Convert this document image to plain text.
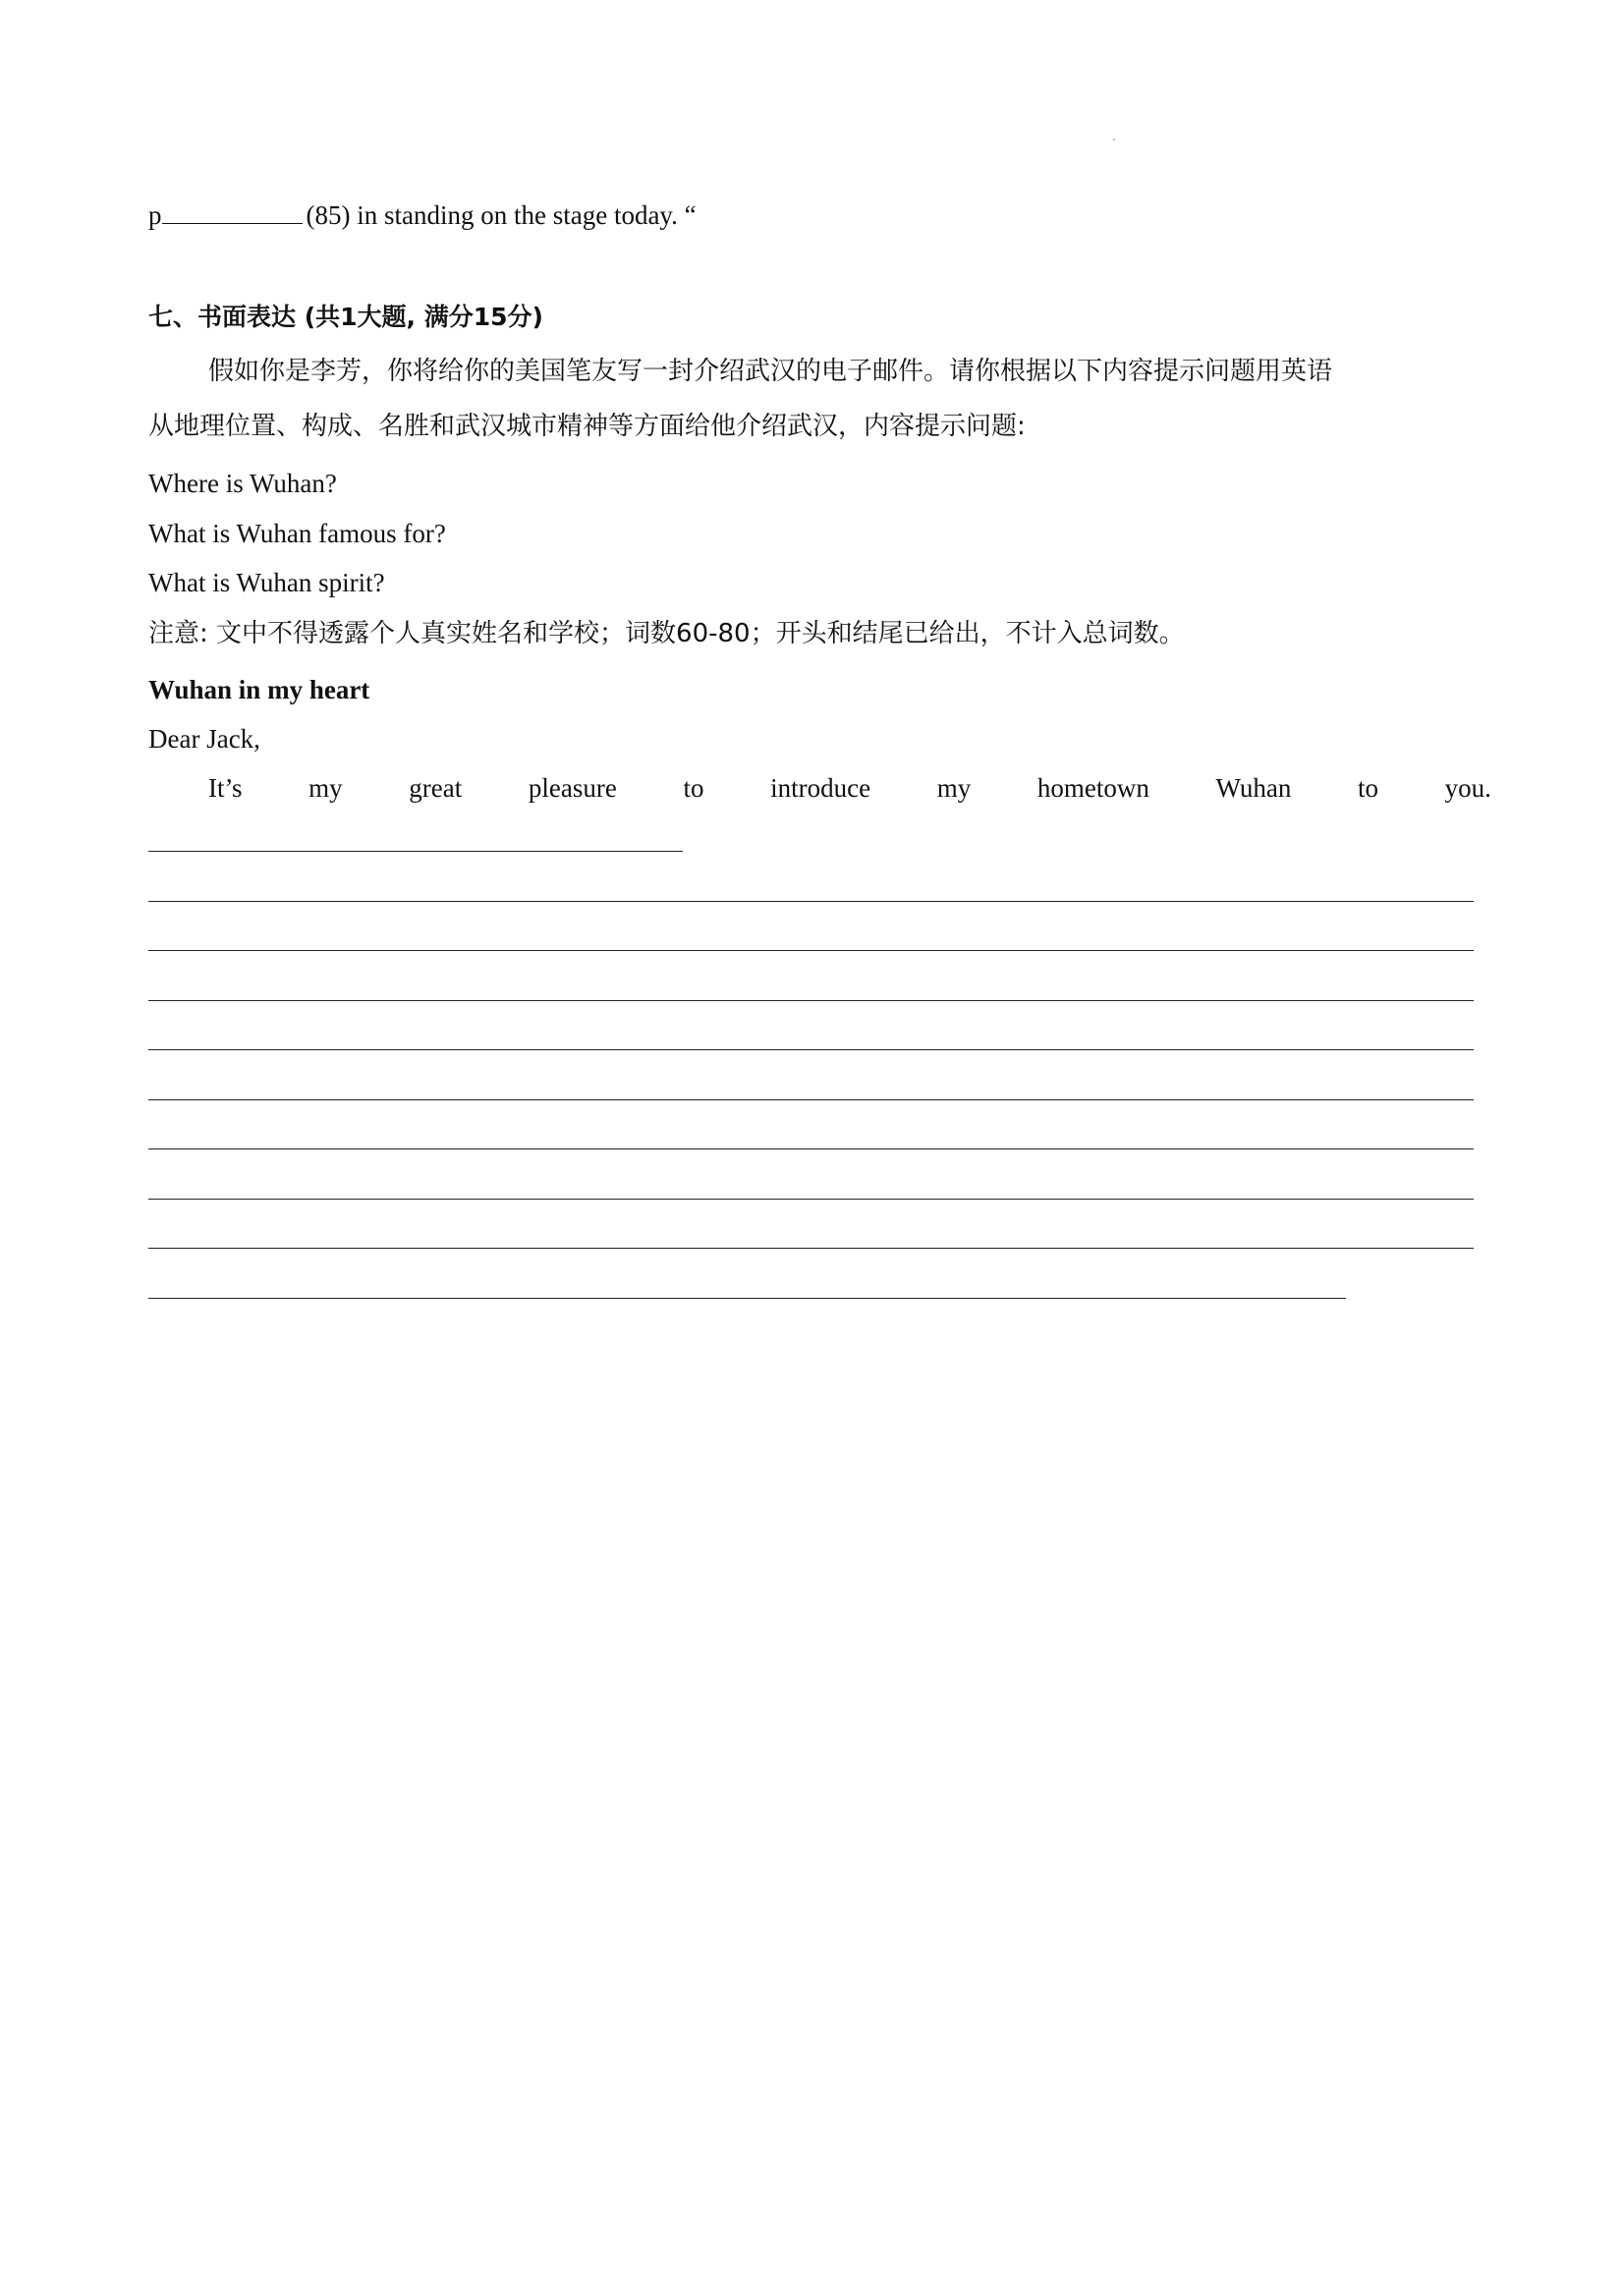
p	(85) in standing on the stage today. “
七、书面表达 (共1大题, 满分15分)
假如你是李芳，你将给你的美国笔友写一封介绍武汉的电子邮件。请你根据以下内容提示问题用英语
从地理位置、构成、名胜和武汉城市精神等方面给他介绍武汉，内容提示问题:
Where is Wuhan?
What is Wuhan famous for?
What is Wuhan spirit?
注意: 文中不得透露个人真实姓名和学校；词数60-80；开头和结尾已给出，不计入总词数。
Wuhan in my heart
Dear Jack,
It’s	my	great	pleasure	to	introduce	my	hometown	Wuhan	to	you.
